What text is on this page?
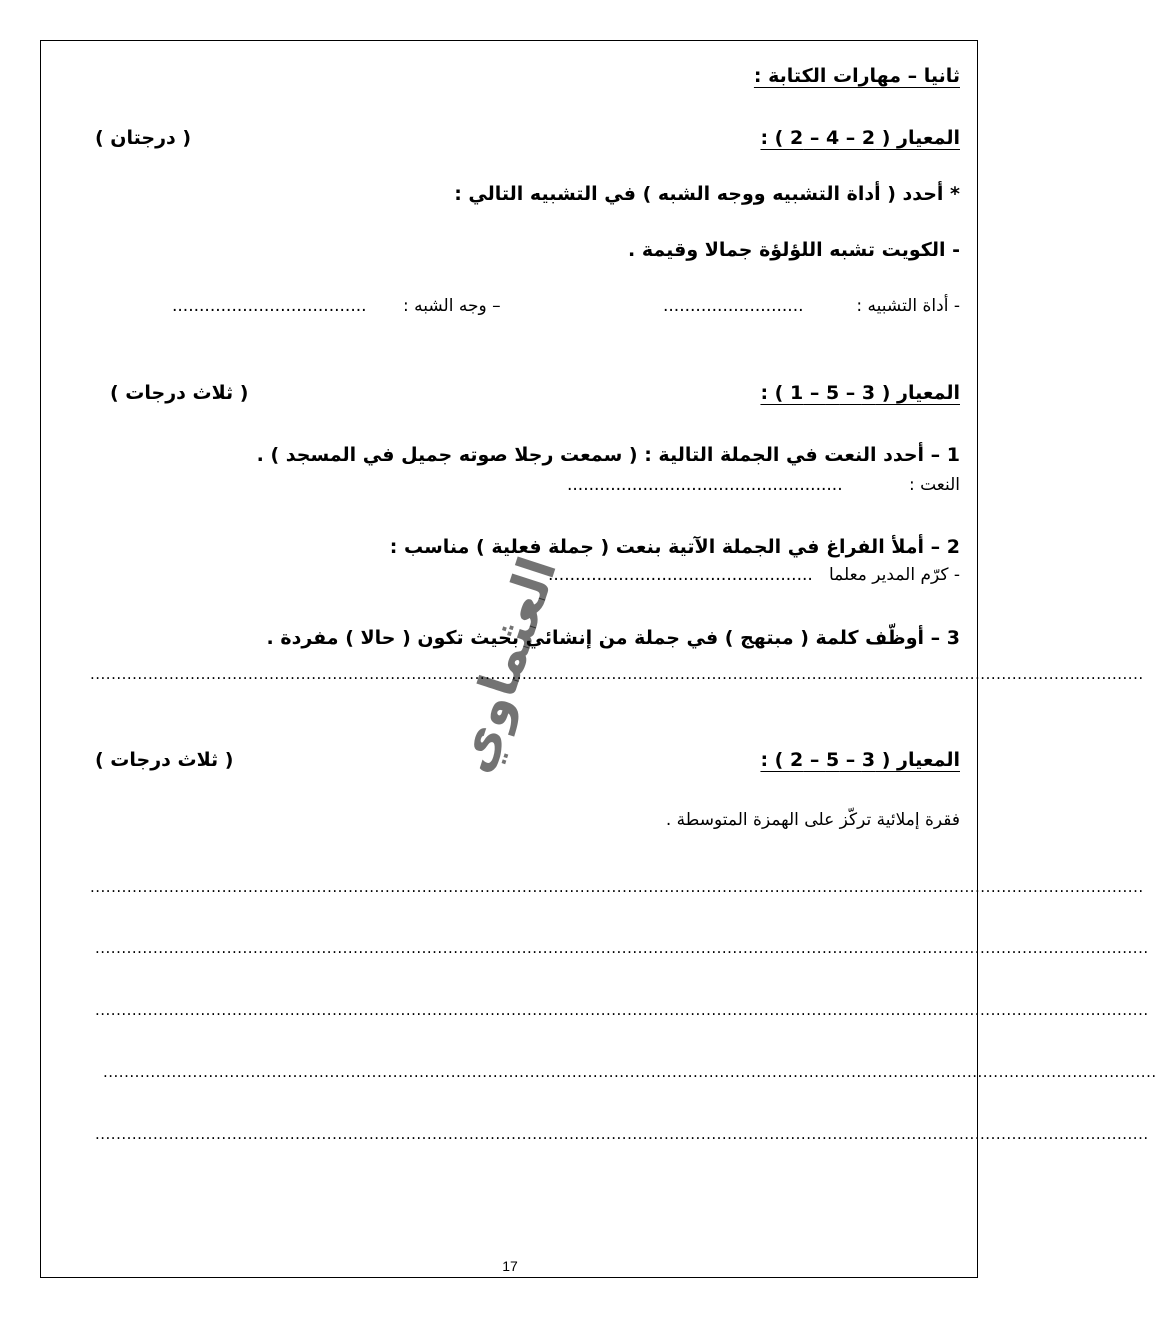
ثانيا – مهارات الكتابة :
المعيار ( 2 – 4 – 2 ) :
( درجتان )
* أحدد ( أداة التشبيه ووجه الشبه ) في التشبيه التالي :
- الكويت تشبه اللؤلؤة جمالا وقيمة .
- أداة التشبيه :
..........................
– وجه الشبه :
....................................
المعيار ( 3 – 5 – 1 ) :
( ثلاث درجات )
1 – أحدد النعت في الجملة التالية : ( سمعت رجلا صوته جميل في المسجد ) .
النعت :
...................................................
2 – أملأ الفراغ في الجملة الآتية بنعت ( جملة فعلية ) مناسب :
- كرّم المدير معلما
.................................................
3 – أوظّف كلمة ( مبتهج ) في جملة من إنشائي بحيث تكون ( حالا ) مفردة .
........................................................................................................................................................................................................
العثماوي	المعيار ( 3 – 5 – 2 ) :
( ثلاث درجات )
فقرة إملائية تركّز على الهمزة المتوسطة .
........................................................................................................................................................................................................
........................................................................................................................................................................................................
........................................................................................................................................................................................................
........................................................................................................................................................................................................
........................................................................................................................................................................................................
17
